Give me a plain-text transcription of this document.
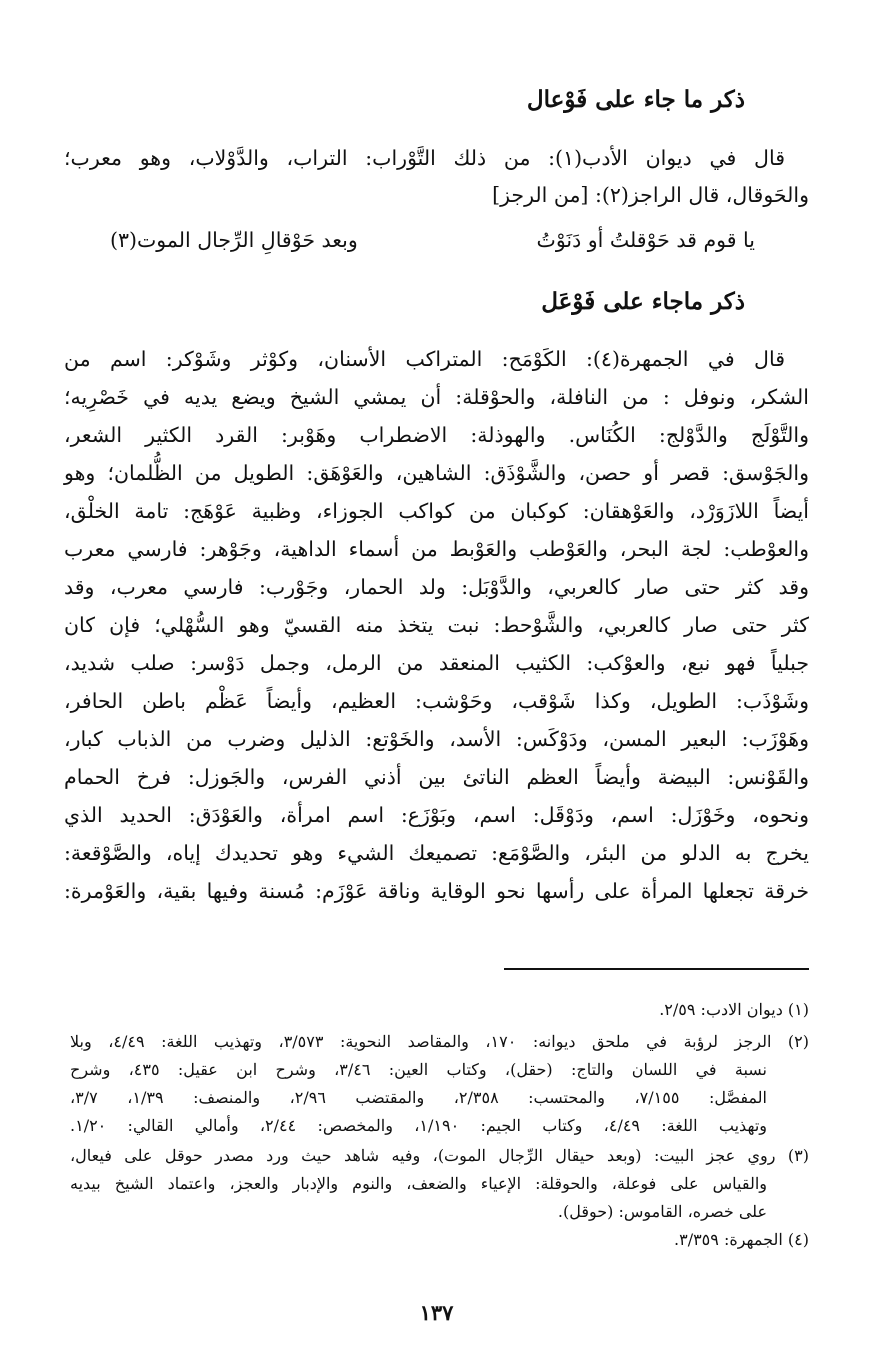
ذكر ما جاء على فَوْعال

قال في ديوان الأدب(١): من ذلك التَّوْراب: التراب، والدَّوْلاب، وهو معرب؛

والحَوقال، قال الراجز(٢): [من الرجز]

يا قوم قد حَوْقلتُ أو دَنَوْتُ
وبعد حَوْقالِ الرِّجال الموت(٣)
ذكر ماجاء على فَوْعَل

قال في الجمهرة(٤): الكَوْمَح: المتراكب الأسنان، وكوْثر وشَوْكر: اسم من

الشكر، ونوفل : من النافلة، والحوْقلة: أن يمشي الشيخ ويضع يديه في خَصْرِيه؛

والتَّوْلَج والدَّوْلج: الكُنَاس. والهوذلة: الاضطراب وهَوْبر: القرد الكثير الشعر،

والجَوْسق: قصر أو حصن، والشَّوْذَق: الشاهين، والعَوْهَق: الطويل من الظُّلمان؛ وهو

أيضاً اللازَوَرْد، والعَوْهقان: كوكبان من كواكب الجوزاء، وظبية عَوْهَج: تامة الخلْق،

والعوْطب: لجة البحر، والعَوْطب والعَوْبط من أسماء الداهية، وجَوْهر: فارسي معرب

وقد كثر حتى صار كالعربي، والدَّوْبَل: ولد الحمار، وجَوْرب: فارسي معرب، وقد

كثر حتى صار كالعربي، والشَّوْحط: نبت يتخذ منه القسيّ وهو السُّهْلي؛ فإن كان

جبلياً فهو نبع، والعوْكب: الكثيب المنعقد من الرمل، وجمل دَوْسر: صلب شديد،

وشَوْذَب: الطويل، وكذا شَوْقب، وحَوْشب: العظيم، وأيضاً عَظْم باطن الحافر،

وهَوْزَب: البعير المسن، ودَوْكَس: الأسد، والخَوْتع: الذليل وضرب من الذباب كبار،

والقَوْنس: البيضة وأيضاً العظم الناتئ بين أذني الفرس، والجَوزل: فرخ الحمام

ونحوه، وخَوْزَل: اسم، ودَوْقَل: اسم، وبَوْزَع: اسم امرأة، والعَوْدَق: الحديد الذي

يخرج به الدلو من البئر، والصَّوْمَع: تصميعك الشيء وهو تحديدك إياه، والصَّوْقعة:

خرقة تجعلها المرأة على رأسها نحو الوقاية وناقة عَوْزَم: مُسنة وفيها بقية، والعَوْمرة:

(١) ديوان الادب: ٢/٥٩.

(٢) الرجز لرؤبة في ملحق ديوانه: ١٧٠، والمقاصد النحوية: ٣/٥٧٣، وتهذيب اللغة: ٤/٤٩، وبلا

نسبة في اللسان والتاج: (حقل)، وكتاب العين: ٣/٤٦، وشرح ابن عقيل: ٤٣٥، وشرح

المفصَّل: ٧/١٥٥، والمحتسب: ٢/٣٥٨، والمقتضب ٢/٩٦، والمنصف: ١/٣٩، ٣/٧،

وتهذيب اللغة: ٤/٤٩، وكتاب الجيم: ١/١٩٠، والمخصص: ٢/٤٤، وأمالي القالي: ١/٢٠.

(٣) روي عجز البيت: (وبعد حيقال الرِّجال الموت)، وفيه شاهد حيث ورد مصدر حوقل على فيعال،

والقياس على فوعلة، والحوقلة: الإعياء والضعف، والنوم والإدبار والعجز، واعتماد الشيخ بيديه

على خصره، القاموس: (حوقل).

(٤) الجمهرة: ٣/٣٥٩.

١٣٧
